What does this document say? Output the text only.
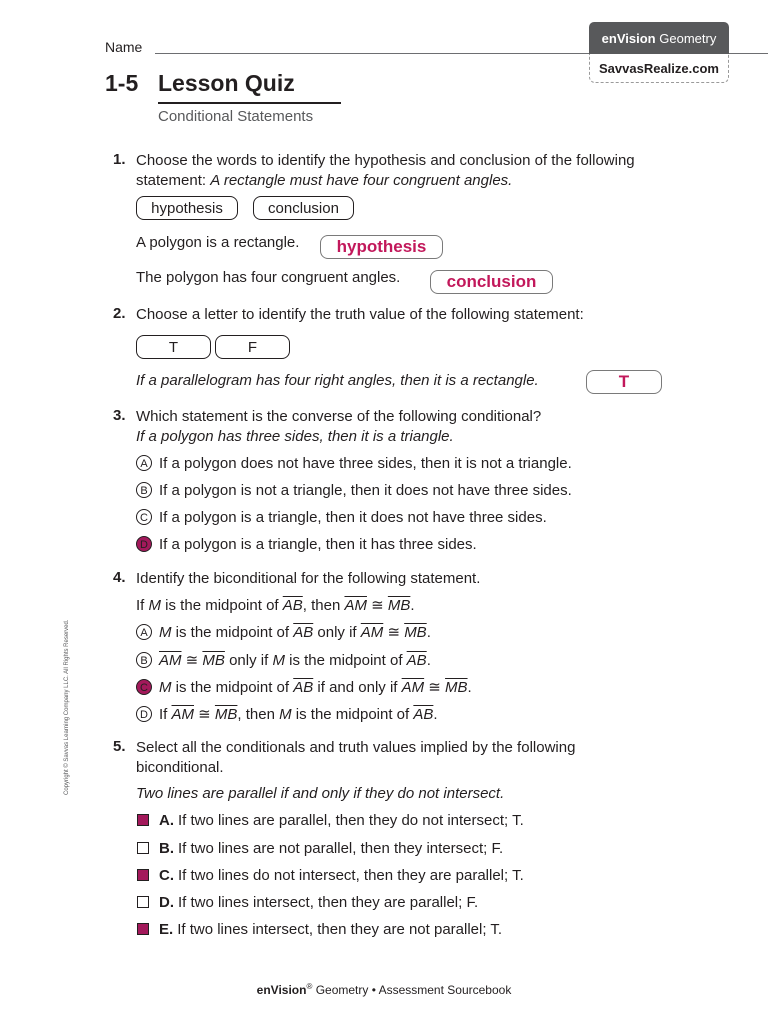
Name
enVision
Geometry
SavvasRealize.com
1-5 Lesson Quiz
Conditional Statements
1. Choose the words to identify the hypothesis and conclusion of the following
statement: A rectangle must have four congruent angles.
hypothesis	conclusion
A polygon is a rectangle.	hypothesis
The polygon has four congruent angles.	conclusion
2. Choose a letter to identify the truth value of the following statement:
T	F
If a parallelogram has four right angles, then it is a rectangle.	T
3. Which statement is the converse of the following conditional?
If a polygon has three sides, then it is a triangle.
A If a polygon does not have three sides, then it is not a triangle.
B If a polygon is not a triangle, then it does not have three sides.
C If a polygon is a triangle, then it does not have three sides.
D If a polygon is a triangle, then it has three sides.
4. Identify the biconditional for the following statement.
If M is the midpoint of $\overline{AB}$, then $\overline{AM}$ ≅ $\overline{MB}$.
A M is the midpoint of $\overline{AB}$ only if $\overline{AM}$ ≅ $\overline{MB}$.
B $\overline{AM}$ ≅ $\overline{MB}$ only if M is the midpoint of $\overline{AB}$.
C M is the midpoint of $\overline{AB}$ if and only if $\overline{AM}$ ≅ $\overline{MB}$.
D If $\overline{AM}$ ≅ $\overline{MB}$, then M is the midpoint of $\overline{AB}$.
5. Select all the conditionals and truth values implied by the following
biconditional.
Two lines are parallel if and only if they do not intersect.
A. If two lines are parallel, then they do not intersect; T.
B. If two lines are not parallel, then they intersect; F.
C. If two lines do not intersect, then they are parallel; T.
D. If two lines intersect, then they are parallel; F.
E. If two lines intersect, then they are not parallel; T.
Copyright © Savvas Learning Company LLC. All Rights Reserved.
enVision® Geometry • Assessment Sourcebook
